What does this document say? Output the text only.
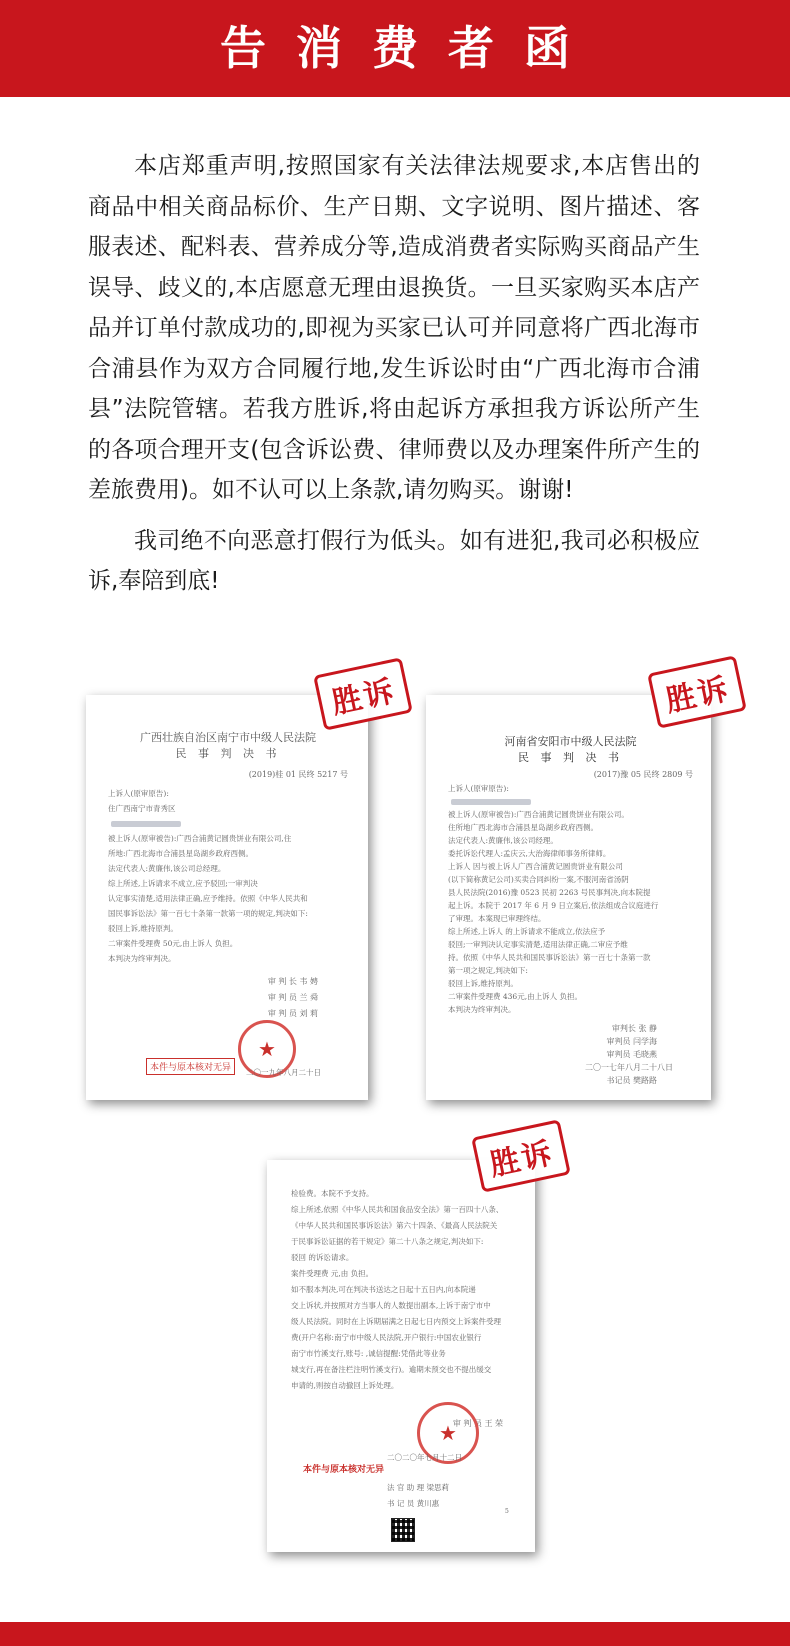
告消费者函

本店郑重声明,按照国家有关法律法规要求,本店售出的商品中相关商品标价、生产日期、文字说明、图片描述、客服表述、配料表、营养成分等,造成消费者实际购买商品产生误导、歧义的,本店愿意无理由退换货。一旦买家购买本店产品并订单付款成功的,即视为买家已认可并同意将广西北海市合浦县作为双方合同履行地,发生诉讼时由“广西北海市合浦县”法院管辖。若我方胜诉,将由起诉方承担我方诉讼所产生的各项合理开支(包含诉讼费、律师费以及办理案件所产生的差旅费用)。如不认可以上条款,请勿购买。谢谢!

我司绝不向恶意打假行为低头。如有进犯,我司必积极应诉,奉陪到底!

广西壮族自治区南宁市中级人民法院
民 事 判 决 书
(2019)桂 01 民终 5217 号
上诉人(原审原告):
住广西南宁市青秀区
被上诉人(原审被告):广西合浦黄记圆贵饼业有限公司,住
所地:广西北海市合浦县星岛湖乡政府西侧。
法定代表人:黄廉伟,该公司总经理。
综上所述,上诉请求不成立,应予驳回;一审判决
认定事实清楚,适用法律正确,应予维持。依照《中华人民共和
国民事诉讼法》第一百七十条第一款第一项的规定,判决如下:
驳回上诉,维持原判。
二审案件受理费 50元,由上诉人 负担。
本判决为终审判决。
审 判 长 韦 娉
审 判 员 兰 舜
审 判 员 刘 莉
★
本件与原本核对无异	二〇一九年八月二十日
胜诉
河南省安阳市中级人民法院
民 事 判 决 书
(2017)豫 05 民终 2809 号
上诉人(原审原告):
被上诉人(原审被告):广西合浦黄记圆贵饼业有限公司。
住所地广西北海市合浦县星岛湖乡政府西侧。
法定代表人:黄廉伟,该公司经理。
委托诉讼代理人:孟庆云,大治海律师事务所律师。
上诉人 因与被上诉人广西合浦黄记圆贵饼业有限公司
(以下简称黄记公司)买卖合同纠纷一案,不服河南省汤阴
县人民法院(2016)豫 0523 民初 2263 号民事判决,向本院提
起上诉。本院于 2017 年 6 月 9 日立案后,依法组成合议庭进行
了审理。本案现已审理终结。
综上所述,上诉人 的上诉请求不能成立,依法应予
驳回;一审判决认定事实清楚,适用法律正确,二审应予维
持。依照《中华人民共和国民事诉讼法》第一百七十条第一款
第一项之规定,判决如下:
驳回上诉,维持原判。
二审案件受理费 436元,由上诉人 负担。
本判决为终审判决。
审判长 张 静
审判员 闫学海
审判员 毛晓燕
二〇一七年八月二十八日
书记员 樊路路
胜诉
检验费。本院不予支持。
综上所述,依照《中华人民共和国食品安全法》第一百四十八条、
《中华人民共和国民事诉讼法》第六十四条、《最高人民法院关
于民事诉讼证据的若干规定》第二十八条之规定,判决如下:
驳回 的诉讼请求。
案件受理费 元,由 负担。
如不服本判决,可在判决书送达之日起十五日内,向本院递
交上诉状,并按照对方当事人的人数提出副本,上诉于南宁市中
级人民法院。同时在上诉期届满之日起七日内预交上诉案件受理
费(开户名称:南宁市中级人民法院,开户银行:中国农业银行
南宁市竹溪支行,账号: ,诚信提醒:凭借此等业务
城支行,再在备注栏注明竹溪支行)。逾期未预交也不提出缓交
申请的,则按自动撤回上诉处理。
审 判 员 王 荣
★
本件与原本核对无异
二〇二〇年七月十二日
法 官 助 理 梁思莉
书 记 员 黄川惠
5
胜诉
